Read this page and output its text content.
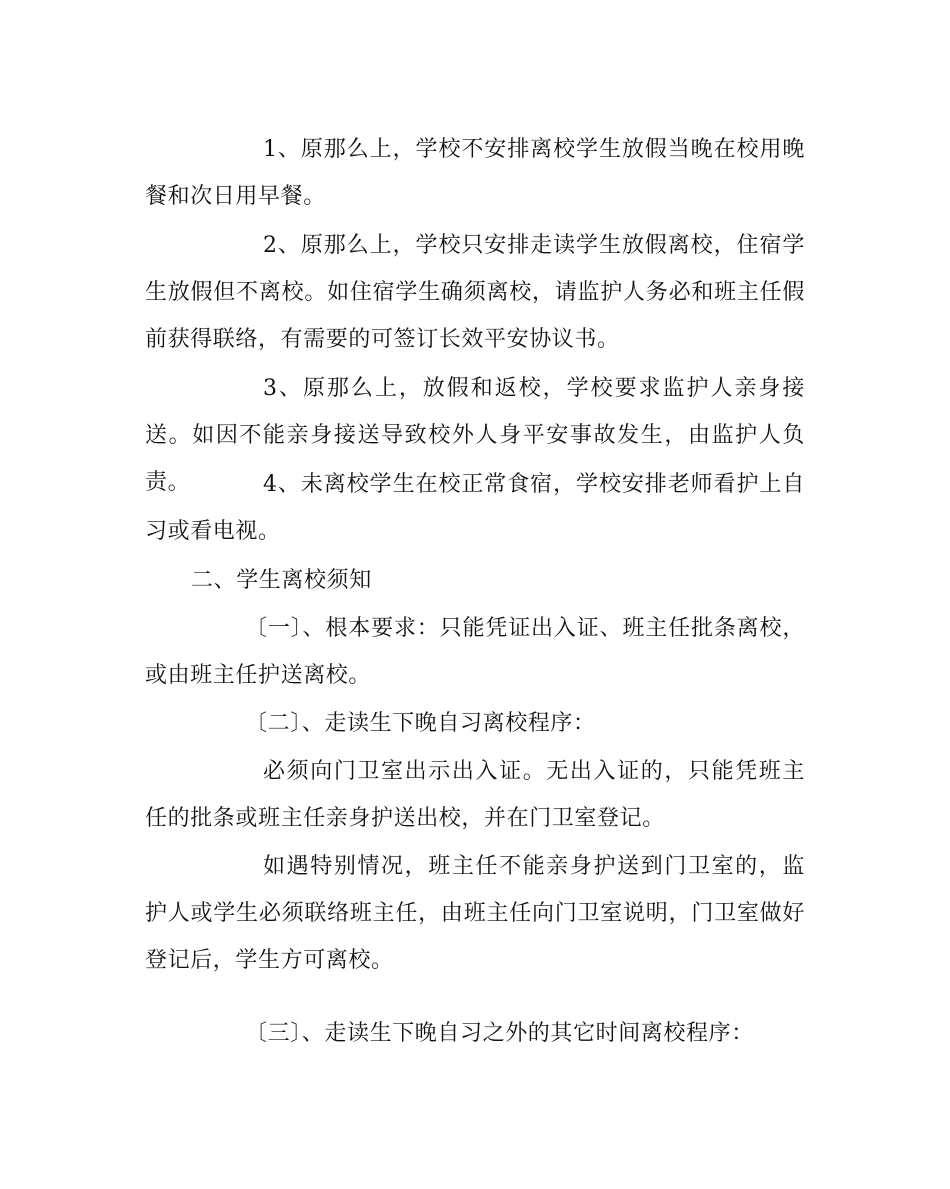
1、原那么上，学校不安排离校学生放假当晚在校用晚餐和次日用早餐。

2、原那么上，学校只安排走读学生放假离校，住宿学生放假但不离校。如住宿学生确须离校，请监护人务必和班主任假前获得联络，有需要的可签订长效平安协议书。

3、原那么上，放假和返校，学校要求监护人亲身接送。如因不能亲身接送导致校外人身平安事故发生，由监护人负责。	4、未离校学生在校正常食宿，学校安排老师看护上自习或看电视。

二、学生离校须知

〔一〕、根本要求：只能凭证出入证、班主任批条离校，或由班主任护送离校。

〔二〕、走读生下晚自习离校程序：

必须向门卫室出示出入证。无出入证的，只能凭班主任的批条或班主任亲身护送出校，并在门卫室登记。

如遇特别情况，班主任不能亲身护送到门卫室的，监护人或学生必须联络班主任，由班主任向门卫室说明，门卫室做好登记后，学生方可离校。

〔三〕、走读生下晚自习之外的其它时间离校程序：
